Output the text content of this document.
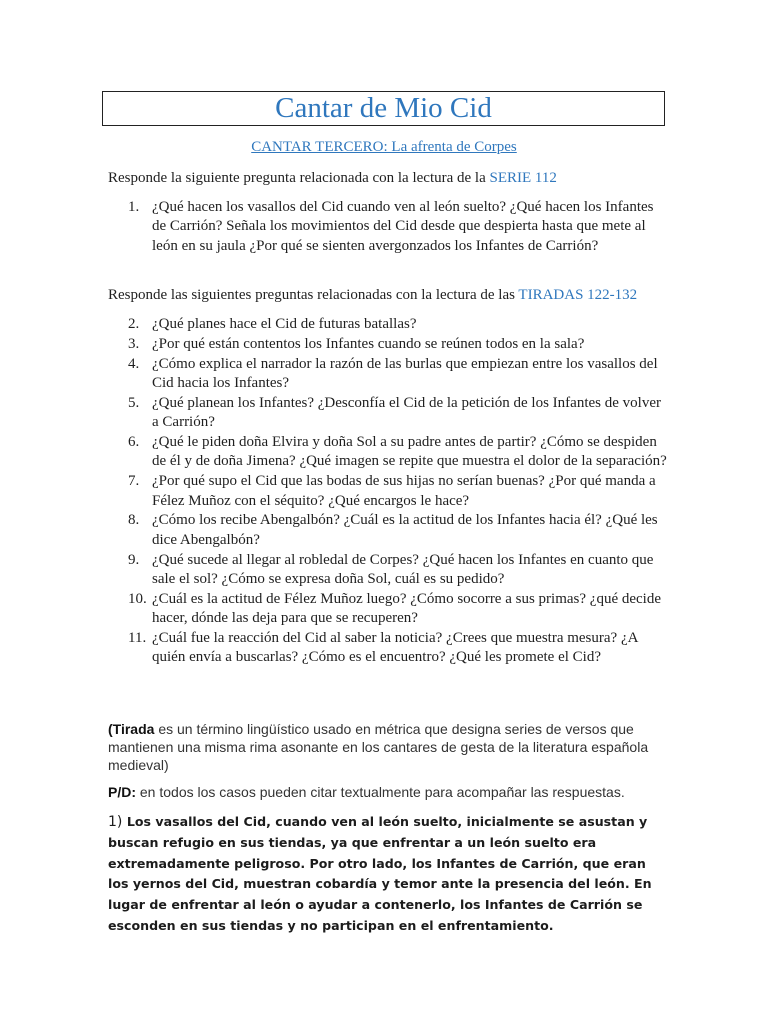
Cantar de Mio Cid
CANTAR TERCERO: La afrenta de Corpes
Responde la siguiente pregunta relacionada con la lectura de la SERIE 112
1. ¿Qué hacen los vasallos del Cid cuando ven al león suelto? ¿Qué hacen los Infantes de Carrión? Señala los movimientos del Cid desde que despierta hasta que mete al león en su jaula ¿Por qué se sienten avergonzados los Infantes de Carrión?
Responde las siguientes preguntas relacionadas con la lectura de las TIRADAS 122-132
2. ¿Qué planes hace el Cid de futuras batallas?
3. ¿Por qué están contentos los Infantes cuando se reúnen todos en la sala?
4. ¿Cómo explica el narrador la razón de las burlas que empiezan entre los vasallos del Cid hacia los Infantes?
5. ¿Qué planean los Infantes? ¿Desconfía el Cid de la petición de los Infantes de volver a Carrión?
6. ¿Qué le piden doña Elvira y doña Sol a su padre antes de partir? ¿Cómo se despiden de él y de doña Jimena? ¿Qué imagen se repite que muestra el dolor de la separación?
7. ¿Por qué supo el Cid que las bodas de sus hijas no serían buenas? ¿Por qué manda a Félez Muñoz con el séquito? ¿Qué encargos le hace?
8. ¿Cómo los recibe Abengalbón? ¿Cuál es la actitud de los Infantes hacia él? ¿Qué les dice Abengalbón?
9. ¿Qué sucede al llegar al robledal de Corpes? ¿Qué hacen los Infantes en cuanto que sale el sol? ¿Cómo se expresa doña Sol, cuál es su pedido?
10. ¿Cuál es la actitud de Félez Muñoz luego? ¿Cómo socorre a sus primas? ¿qué decide hacer, dónde las deja para que se recuperen?
11. ¿Cuál fue la reacción del Cid al saber la noticia? ¿Crees que muestra mesura? ¿A quién envía a buscarlas? ¿Cómo es el encuentro? ¿Qué les promete el Cid?
(Tirada es un término lingüístico usado en métrica que designa series de versos que mantienen una misma rima asonante en los cantares de gesta de la literatura española medieval)
P/D: en todos los casos pueden citar textualmente para acompañar las respuestas.
1) Los vasallos del Cid, cuando ven al león suelto, inicialmente se asustan y buscan refugio en sus tiendas, ya que enfrentar a un león suelto era extremadamente peligroso. Por otro lado, los Infantes de Carrión, que eran los yernos del Cid, muestran cobardía y temor ante la presencia del león. En lugar de enfrentar al león o ayudar a contenerlo, los Infantes de Carrión se esconden en sus tiendas y no participan en el enfrentamiento.
